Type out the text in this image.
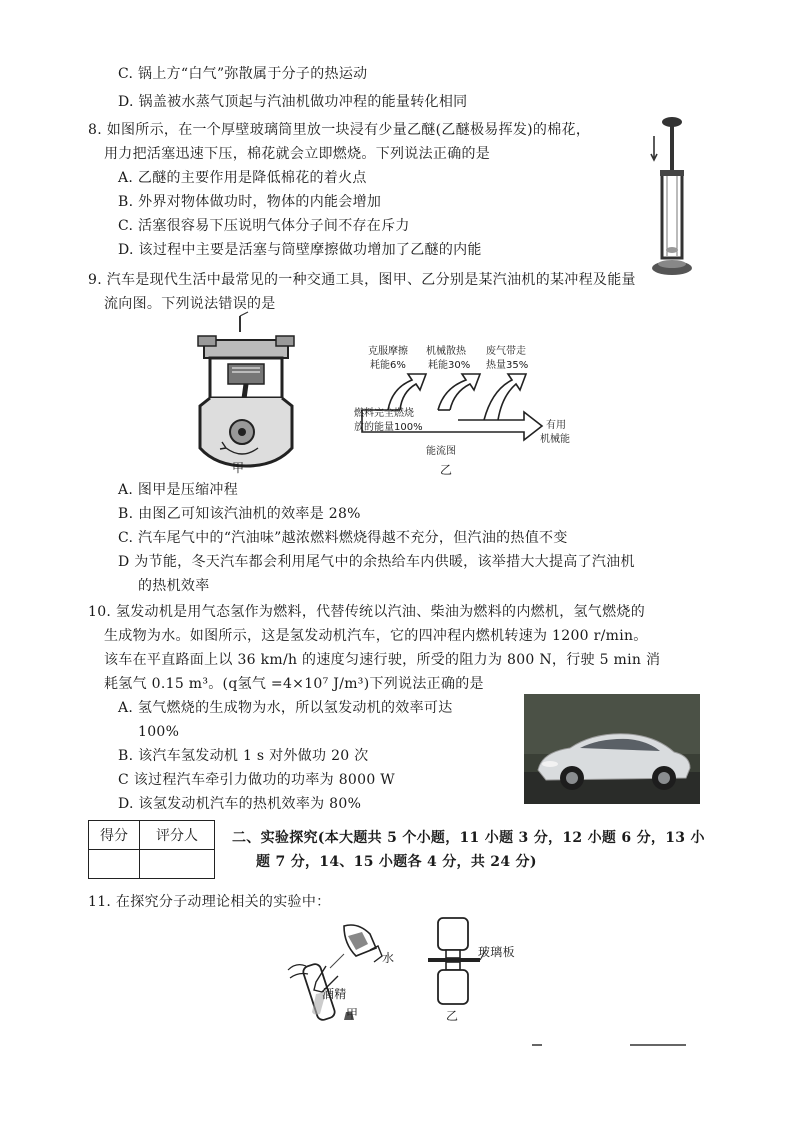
C. 锅上方“白气”弥散属于分子的热运动
D. 锅盖被水蒸气顶起与汽油机做功冲程的能量转化相同
8. 如图所示，在一个厚壁玻璃筒里放一块浸有少量乙醚(乙醚极易挥发)的棉花，
用力把活塞迅速下压，棉花就会立即燃烧。下列说法正确的是
A. 乙醚的主要作用是降低棉花的着火点
B. 外界对物体做功时，物体的内能会增加
C. 活塞很容易下压说明气体分子间不存在斥力
D. 该过程中主要是活塞与筒壁摩擦做功增加了乙醚的内能
9. 汽车是现代生活中最常见的一种交通工具，图甲、乙分别是某汽油机的某冲程及能量
流向图。下列说法错误的是
甲
克服摩擦
耗能6%
机械散热
耗能30%
废气带走
热量35%
燃料完全燃烧
放的能量100%	有用
机械能
能流图
乙
A. 图甲是压缩冲程
B. 由图乙可知该汽油机的效率是 28%
C. 汽车尾气中的“汽油味”越浓燃料燃烧得越不充分，但汽油的热值不变
D 为节能，冬天汽车都会利用尾气中的余热给车内供暖，该举措大大提高了汽油机
的热机效率
10. 氢发动机是用气态氢作为燃料，代替传统以汽油、柴油为燃料的内燃机，氢气燃烧的
生成物为水。如图所示，这是氢发动机汽车，它的四冲程内燃机转速为 1200 r/min。
该车在平直路面上以 36 km/h 的速度匀速行驶，所受的阻力为 800 N，行驶 5 min 消
耗氢气 0.15 m³。(q氢气 =4×10⁷ J/m³)下列说法正确的是
A. 氢气燃烧的生成物为水，所以氢发动机的效率可达
100%
B. 该汽车氢发动机 1 s 对外做功 20 次
C 该过程汽车牵引力做功的功率为 8000 W
D. 该氢发动机汽车的热机效率为 80%
得分	评分人
	二、实验探究(本大题共 5 个小题，11 小题 3 分，12 小题 6 分，13 小
题 7 分，14、15 小题各 4 分，共 24 分)
11. 在探究分子动理论相关的实验中：
水
酒精
甲
玻璃板
乙
